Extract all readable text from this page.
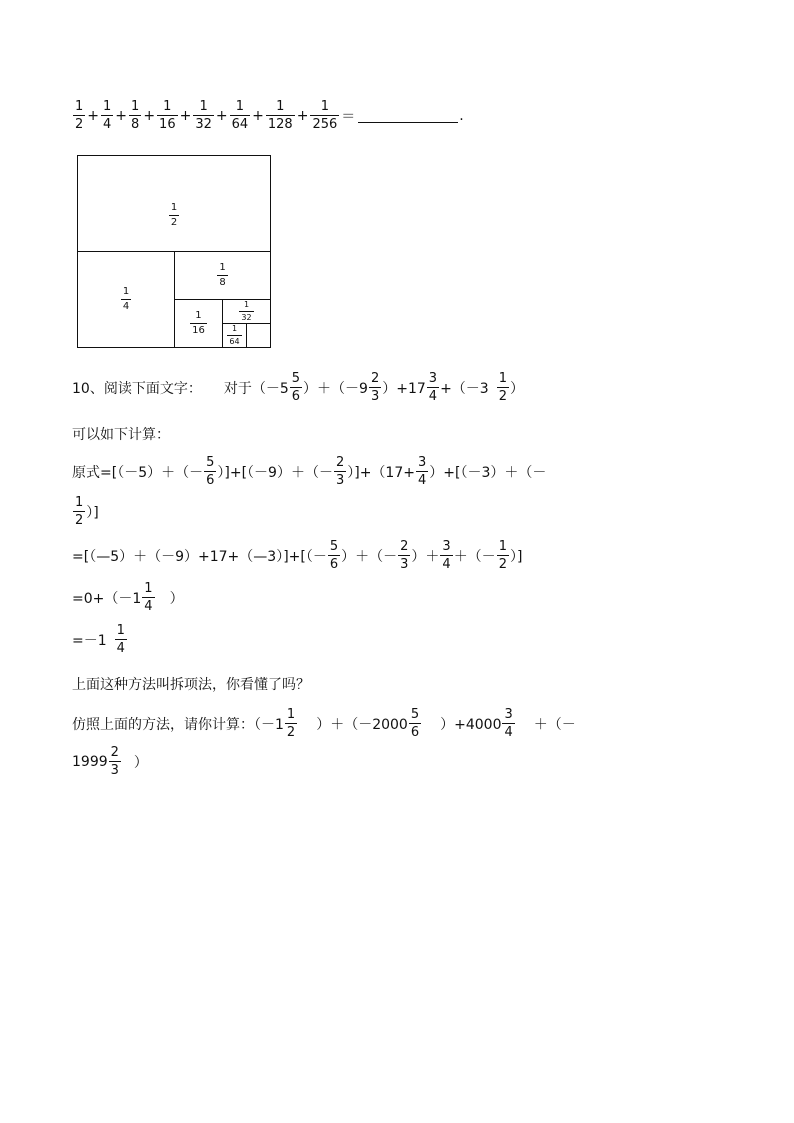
$\frac{1}{2} + \frac{1}{4} + \frac{1}{8} + \frac{1}{16} + \frac{1}{32} + \frac{1}{64} + \frac{1}{128} + \frac{1}{256}$ ＝	.
$\frac{1}{2}$
$\frac{1}{4}$
$\frac{1}{8}$
$\frac{1}{16}$	$\frac{1}{32}$
$\frac{1}{64}$
10、阅读下面文字： 对于 $(-5 \frac{5}{6} )+(-9 \frac{2}{3} )+17 \frac{3}{4} +(-3 \frac{1}{2}$ ）
可以如下计算：
原式$=[(-5)+(- \frac{5}{6} )]+[(-9)+(- \frac{2}{3} )]+(17+ \frac{3}{4} )+[(-3)+(-$
$\frac{1}{2}$ ）]
=[（—5）＋（－9）+17+（—3）]+[（－ $\frac{5}{6}$ ）＋（－ $\frac{2}{3}$ ）＋ $\frac{3}{4}$ ＋（－ $\frac{1}{2}$ ）]
$=0+(-1 \frac{1}{4}$ ）
$=-1 \frac{1}{4}$
上面这种方法叫拆项法，你看懂了吗？
仿照上面的方法，请你计算：$(-1 \frac{1}{2} )+(-2000 \frac{5}{6} )+4000 \frac{3}{4}$ ＋（－
$1999 \frac{2}{3}$ ）
